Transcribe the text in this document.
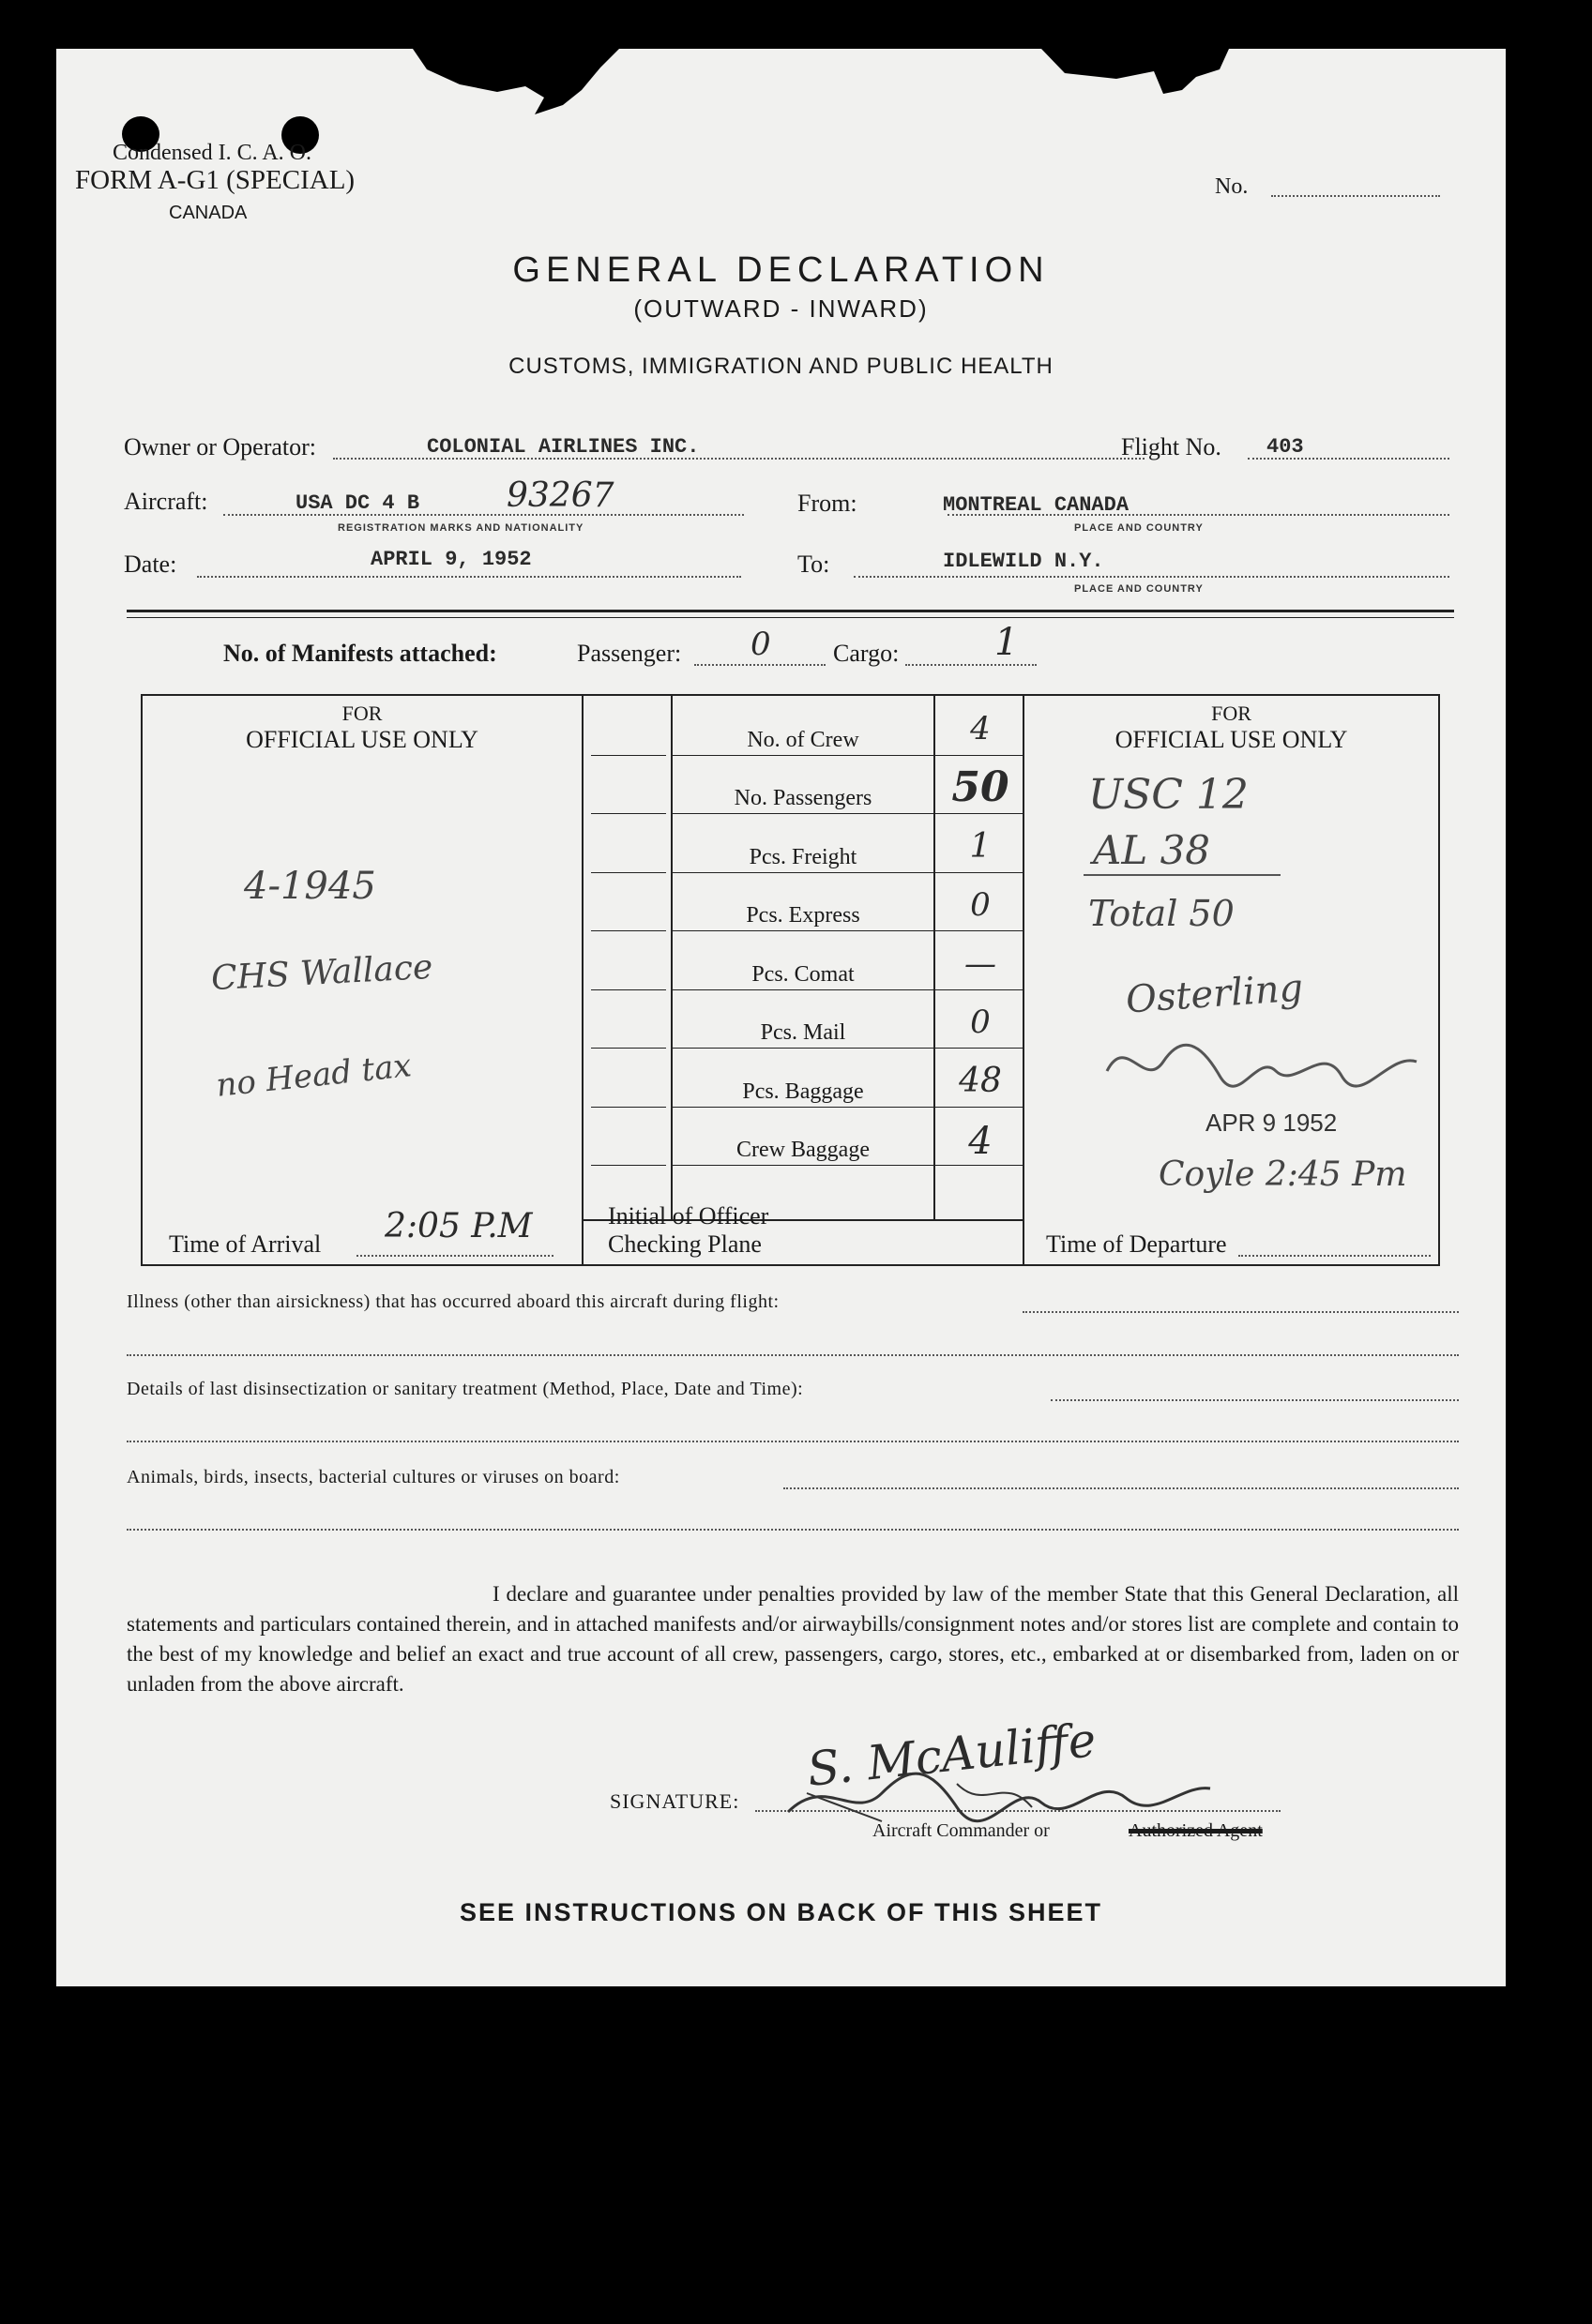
Condensed I. C. A. O.
FORM A-G1 (SPECIAL)
CANADA
No.
GENERAL DECLARATION
(OUTWARD - INWARD)
CUSTOMS, IMMIGRATION AND PUBLIC HEALTH
Owner or Operator:	COLONIAL AIRLINES INC.	Flight No. 403
Aircraft:	USA DC 4 B	93267
REGISTRATION MARKS AND NATIONALITY
From:	MONTREAL CANADA
PLACE AND COUNTRY
Date:	APRIL 9, 1952	To:	IDLEWILD N.Y.
PLACE AND COUNTRY
No. of Manifests attached:	Passenger: 0	Cargo:	1
FOR
OFFICIAL USE ONLY
FOR
OFFICIAL USE ONLY
No. of Crew	4
No. Passengers	50
Pcs. Freight	1
Pcs. Express	0
Pcs. Comat	—
Pcs. Mail	0
Pcs. Baggage	48
Crew Baggage	4
4-1945
CHS Wallace
no Head tax
USC 12
AL 38
Total 50
Osterling
APR 9 1952
Coyle 2:45 Pm
Time of Arrival 2:05 P.M	Initial of Officer
Checking Plane	Time of Departure
Illness (other than airsickness) that has occurred aboard this aircraft during flight:
Details of last disinsectization or sanitary treatment (Method, Place, Date and Time):
Animals, birds, insects, bacterial cultures or viruses on board:
I declare and guarantee under penalties provided by law of the member State that this General Declaration, all statements and particulars contained therein, and in attached manifests and/or airwaybills/consignment notes and/or stores list are complete and contain to the best of my knowledge and belief an exact and true account of all crew, passengers, cargo, stores, etc., embarked at or disembarked from, laden on or unladen from the above aircraft.
SIGNATURE:
S. McAuliffe
Aircraft Commander or	Authorized Agent
SEE INSTRUCTIONS ON BACK OF THIS SHEET
